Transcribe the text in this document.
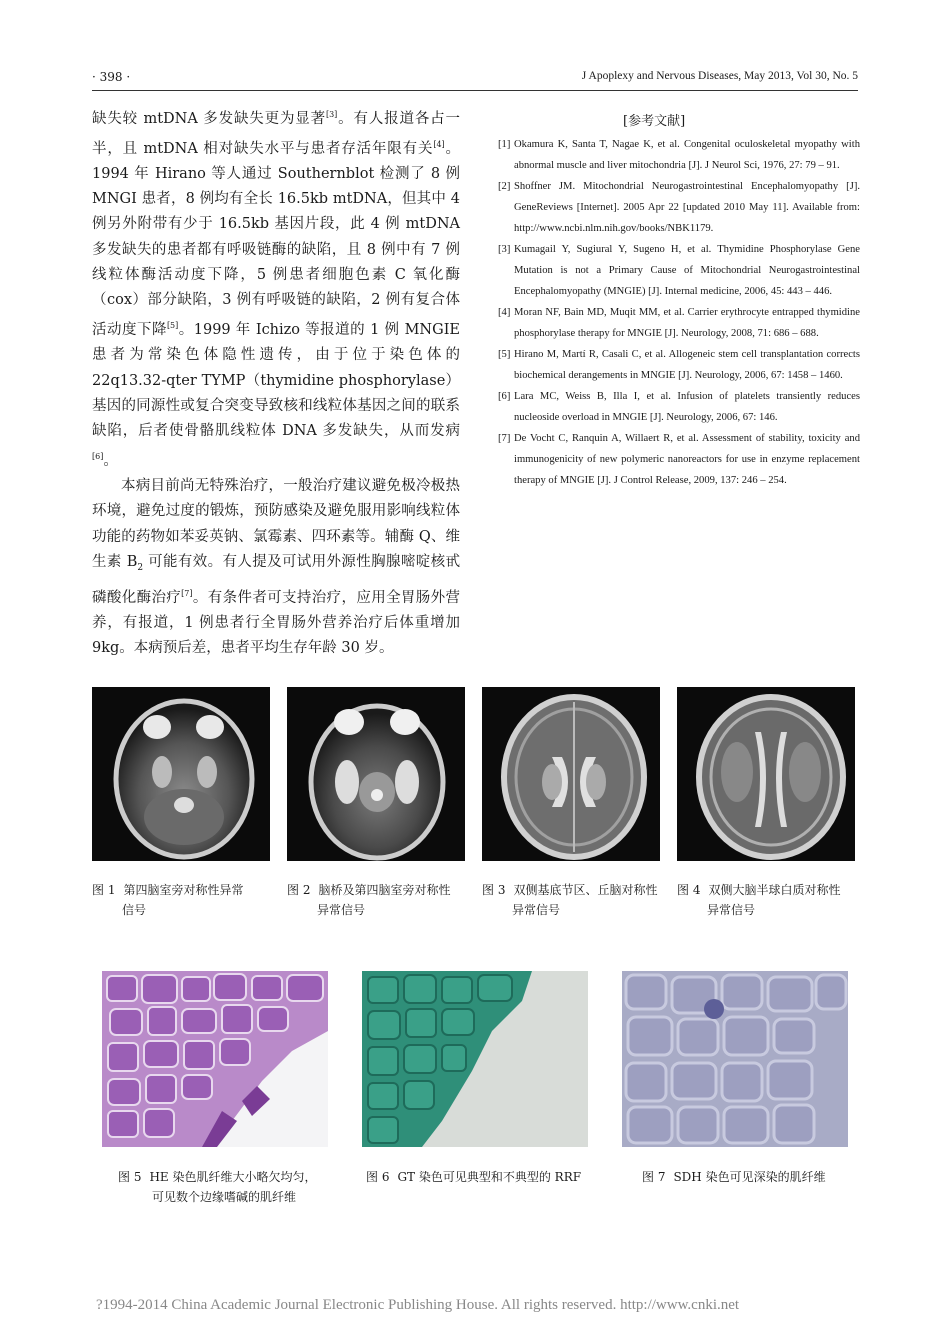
· 398 ·	J Apoplexy and Nervous Diseases, May 2013, Vol 30, No. 5

缺失较 mtDNA 多发缺失更为显著[3]。有人报道各占一半，且 mtDNA 相对缺失水平与患者存活年限有关[4]。1994 年 Hirano 等人通过 Southernblot 检测了 8 例 MNGI 患者，8 例均有全长 16.5kb mtDNA，但其中 4 例另外附带有少于 16.5kb 基因片段，此 4 例 mtDNA 多发缺失的患者都有呼吸链酶的缺陷，且 8 例中有 7 例线粒体酶活动度下降，5 例患者细胞色素 C 氧化酶（cox）部分缺陷，3 例有呼吸链的缺陷，2 例有复合体活动度下降[5]。1999 年 Ichizo 等报道的 1 例 MNGIE 患者为常染色体隐性遗传，由于位于染色体的 22q13.32-qter TYMP（thymidine phosphorylase）基因的同源性或复合突变导致核和线粒体基因之间的联系缺陷，后者使骨骼肌线粒体 DNA 多发缺失，从而发病[6]。

本病目前尚无特殊治疗，一般治疗建议避免极冷极热环境，避免过度的锻炼，预防感染及避免服用影响线粒体功能的药物如苯妥英钠、氯霉素、四环素等。辅酶 Q、维生素 $B_2$ 可能有效。有人提及可试用外源性胸腺嘧啶核甙磷酸化酶治疗[7]。有条件者可支持治疗，应用全胃肠外营养，有报道，1 例患者行全胃肠外营养治疗后体重增加 9kg。本病预后差，患者平均生存年龄 30 岁。

[参考文献]
[1] Okamura K, Santa T, Nagae K, et al. Congenital oculoskeletal myopathy with abnormal muscle and liver mitochondria [J]. J Neurol Sci, 1976, 27: 79 – 91.
[2] Shoffner JM. Mitochondrial Neurogastrointestinal Encephalomyopathy [J]. GeneReviews [Internet]. 2005 Apr 22 [updated 2010 May 11]. Available from: http://www.ncbi.nlm.nih.gov/books/NBK1179.
[3] Kumagail Y, Sugiural Y, Sugeno H, et al. Thymidine Phosphorylase Gene Mutation is not a Primary Cause of Mitochondrial Neurogastrointestinal Encephalomyopathy (MNGIE) [J]. Internal medicine, 2006, 45: 443 – 446.
[4] Moran NF, Bain MD, Muqit MM, et al. Carrier erythrocyte entrapped thymidine phosphorylase therapy for MNGIE [J]. Neurology, 2008, 71: 686 – 688.
[5] Hirano M, Martí R, Casali C, et al. Allogeneic stem cell transplantation corrects biochemical derangements in MNGIE [J]. Neurology, 2006, 67: 1458 – 1460.
[6] Lara MC, Weiss B, Illa I, et al. Infusion of platelets transiently reduces nucleoside overload in MNGIE [J]. Neurology, 2006, 67: 146.
[7] De Vocht C, Ranquin A, Willaert R, et al. Assessment of stability, toxicity and immunogenicity of new polymeric nanoreactors for use in enzyme replacement therapy of MNGIE [J]. J Control Release, 2009, 137: 246 – 254.
图 1 第四脑室旁对称性异常
信号
图 2 脑桥及第四脑室旁对称性
异常信号
图 3 双侧基底节区、丘脑对称性
异常信号
图 4 双侧大脑半球白质对称性
异常信号
图 5 HE 染色肌纤维大小略欠均匀，
可见数个边缘嗜碱的肌纤维
图 6 GT 染色可见典型和不典型的 RRF	图 7 SDH 染色可见深染的肌纤维
?1994-2014 China Academic Journal Electronic Publishing House. All rights reserved. http://www.cnki.net
